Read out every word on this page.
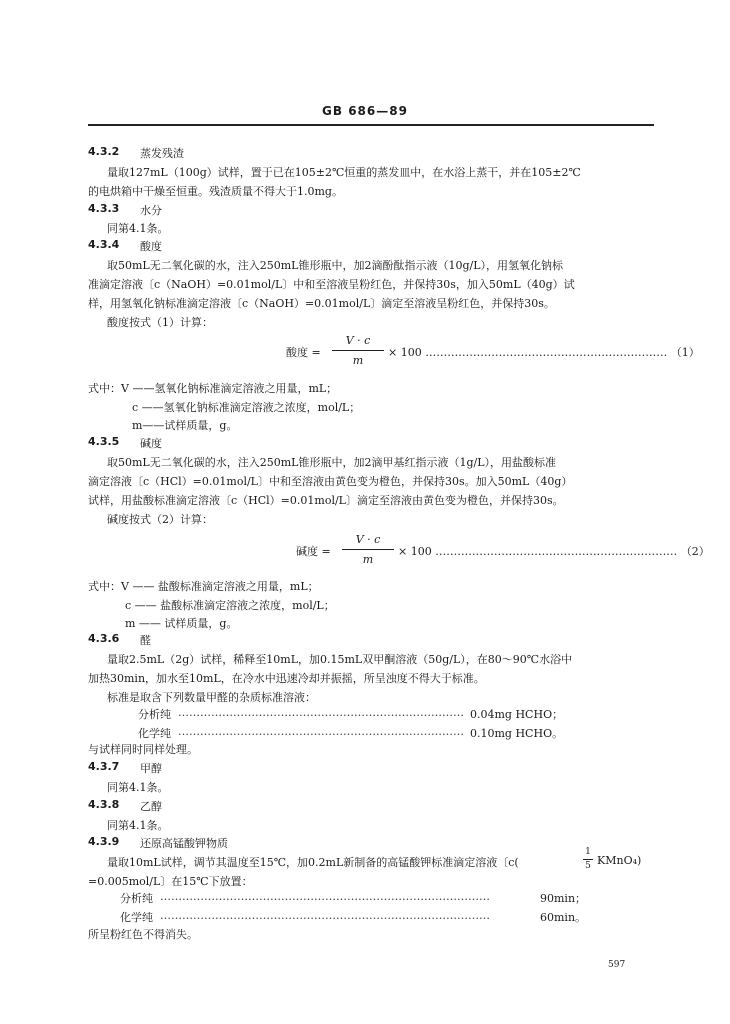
GB 686—89
4.3.2 蒸发残渣
量取127mL（100g）试样，置于已在105±2℃恒重的蒸发皿中，在水浴上蒸干，并在105±2℃
的电烘箱中干燥至恒重。残渣质量不得大于1.0mg。
4.3.3 水分
同第4.1条。
4.3.4 酸度
取50mL无二氧化碳的水，注入250mL锥形瓶中，加2滴酚酞指示液（10g/L），用氢氧化钠标
准滴定溶液〔c（NaOH）=0.01mol/L〕中和至溶液呈粉红色，并保持30s，加入50mL（40g）试
样，用氢氧化钠标准滴定溶液〔c（NaOH）=0.01mol/L〕滴定至溶液呈粉红色，并保持30s。
酸度按式（1）计算：
酸度 =
V · c
m
× 100 ………………………………………………………… （1）
式中：V ——氢氧化钠标准滴定溶液之用量，mL；
c ——氢氧化钠标准滴定溶液之浓度，mol/L；
m——试样质量，g。
4.3.5 碱度
取50mL无二氧化碳的水，注入250mL锥形瓶中，加2滴甲基红指示液（1g/L），用盐酸标准
滴定溶液〔c（HCl）=0.01mol/L〕中和至溶液由黄色变为橙色，并保持30s。加入50mL（40g）
试样，用盐酸标准滴定溶液〔c（HCl）=0.01mol/L〕滴定至溶液由黄色变为橙色，并保持30s。
碱度按式（2）计算：
碱度 =
V · c
m
× 100 ………………………………………………………… （2）
式中：V —— 盐酸标准滴定溶液之用量，mL；
c —— 盐酸标准滴定溶液之浓度，mol/L；
m —— 试样质量，g。
4.3.6 醛
量取2.5mL（2g）试样，稀释至10mL，加0.15mL双甲酮溶液（50g/L），在80～90℃水浴中
加热30min，加水至10mL，在冷水中迅速冷却并振摇，所呈浊度不得大于标准。
标准是取含下列数量甲醛的杂质标准溶液：
分析纯 …………………………………………………………………… 0.04mg HCHO；
化学纯 …………………………………………………………………… 0.10mg HCHO。
与试样同时同样处理。
4.3.7 甲醇
同第4.1条。
4.3.8 乙醇
同第4.1条。
4.3.9 还原高锰酸钾物质
量取10mL试样，调节其温度至15℃，加0.2mL新制备的高锰酸钾标准滴定溶液〔c(
1
5 KMnO₄)
=0.005mol/L〕在15℃下放置：
分析纯 ………………………………………………………………………………	90min；
化学纯 ………………………………………………………………………………	60min。
所呈粉红色不得消失。
597
